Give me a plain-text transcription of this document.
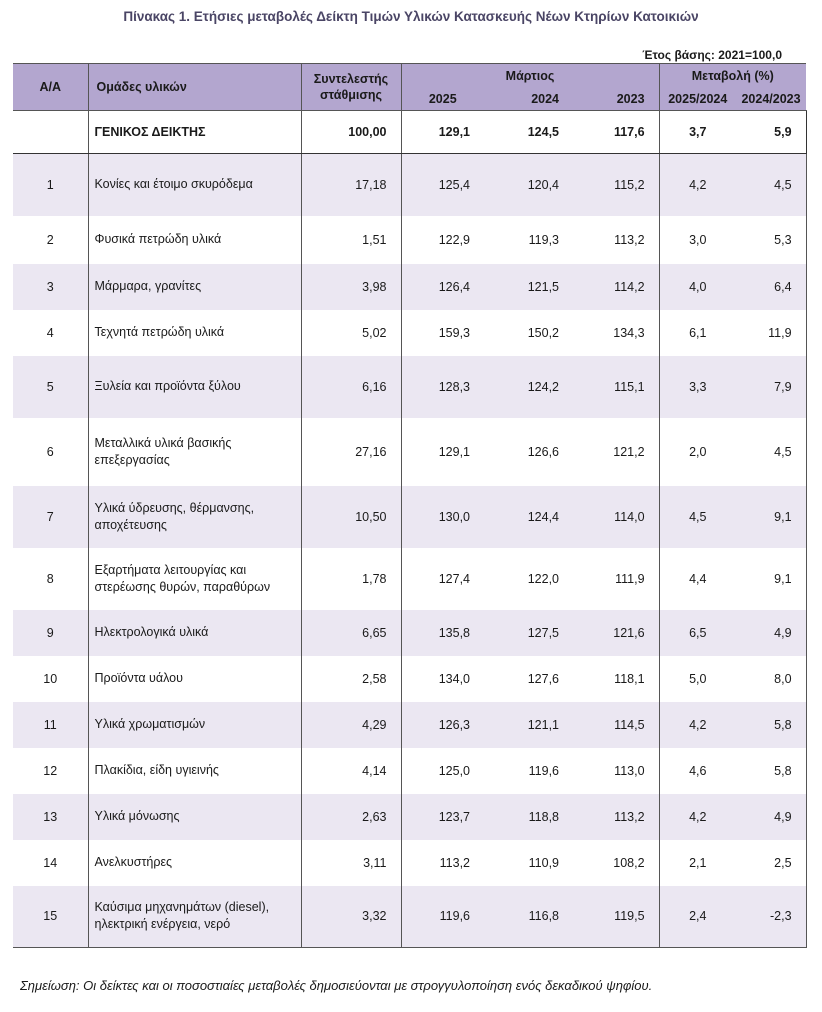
Πίνακας 1. Ετήσιες μεταβολές Δείκτη Τιμών Υλικών Κατασκευής Νέων Κτηρίων Κατοικιών
Έτος βάσης: 2021=100,0
Α/Α	Ομάδες υλικών	Συντελεστής στάθμισης	Μάρτιος			Μεταβολή (%)	
			2025	2024	2023	2025/2024	2024/2023
	ΓΕΝΙΚΟΣ ΔΕΙΚΤΗΣ	100,00	129,1	124,5	117,6	3,7	5,9
1	Κονίες και έτοιμο σκυρόδεμα	17,18	125,4	120,4	115,2	4,2	4,5
2	Φυσικά πετρώδη υλικά	1,51	122,9	119,3	113,2	3,0	5,3
3	Μάρμαρα, γρανίτες	3,98	126,4	121,5	114,2	4,0	6,4
4	Τεχνητά πετρώδη υλικά	5,02	159,3	150,2	134,3	6,1	11,9
5	Ξυλεία και προϊόντα ξύλου	6,16	128,3	124,2	115,1	3,3	7,9
6	Μεταλλικά υλικά βασικής επεξεργασίας	27,16	129,1	126,6	121,2	2,0	4,5
7	Υλικά ύδρευσης, θέρμανσης, αποχέτευσης	10,50	130,0	124,4	114,0	4,5	9,1
8	Εξαρτήματα λειτουργίας και στερέωσης θυρών, παραθύρων	1,78	127,4	122,0	111,9	4,4	9,1
9	Ηλεκτρολογικά υλικά	6,65	135,8	127,5	121,6	6,5	4,9
10	Προϊόντα υάλου	2,58	134,0	127,6	118,1	5,0	8,0
11	Υλικά χρωματισμών	4,29	126,3	121,1	114,5	4,2	5,8
12	Πλακίδια, είδη υγιεινής	4,14	125,0	119,6	113,0	4,6	5,8
13	Υλικά μόνωσης	2,63	123,7	118,8	113,2	4,2	4,9
14	Ανελκυστήρες	3,11	113,2	110,9	108,2	2,1	2,5
15	Καύσιμα μηχανημάτων (diesel), ηλεκτρική ενέργεια, νερό	3,32	119,6	116,8	119,5	2,4	-2,3
Σημείωση: Οι δείκτες και οι ποσοστιαίες μεταβολές δημοσιεύονται με στρογγυλοποίηση ενός δεκαδικού ψηφίου.
